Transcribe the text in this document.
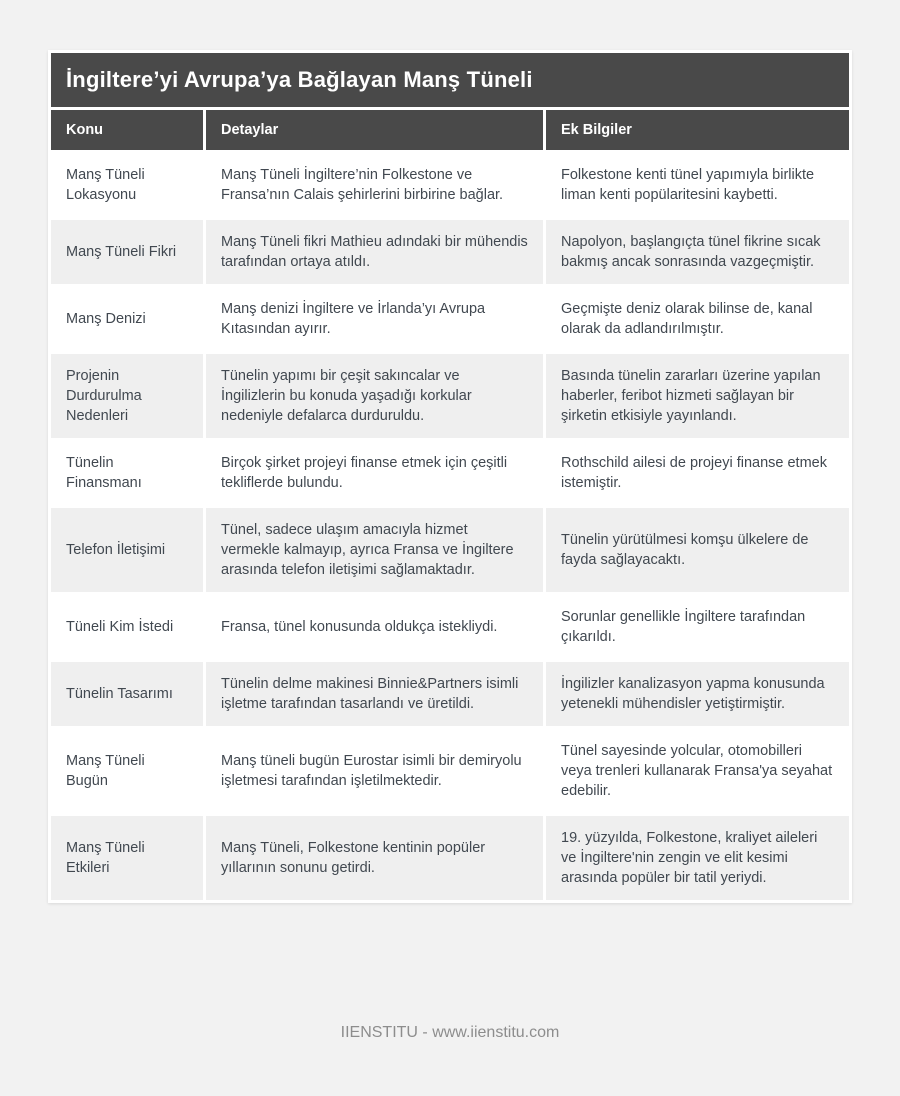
İngiltere’yi Avrupa’ya Bağlayan Manş Tüneli
Konu	Detaylar	Ek Bilgiler
Manş Tüneli Lokasyonu	Manş Tüneli İngiltere’nin Folkestone ve Fransa’nın Calais şehirlerini birbirine bağlar.	Folkestone kenti tünel yapımıyla birlikte liman kenti popülaritesini kaybetti.
Manş Tüneli Fikri	Manş Tüneli fikri Mathieu adındaki bir mühendis tarafından ortaya atıldı.	Napolyon, başlangıçta tünel fikrine sıcak bakmış ancak sonrasında vazgeçmiştir.
Manş Denizi	Manş denizi İngiltere ve İrlanda’yı Avrupa Kıtasından ayırır.	Geçmişte deniz olarak bilinse de, kanal olarak da adlandırılmıştır.
Projenin Durdurulma Nedenleri	Tünelin yapımı bir çeşit sakıncalar ve İngilizlerin bu konuda yaşadığı korkular nedeniyle defalarca durduruldu.	Basında tünelin zararları üzerine yapılan haberler, feribot hizmeti sağlayan bir şirketin etkisiyle yayınlandı.
Tünelin Finansmanı	Birçok şirket projeyi finanse etmek için çeşitli tekliflerde bulundu.	Rothschild ailesi de projeyi finanse etmek istemiştir.
Telefon İletişimi	Tünel, sadece ulaşım amacıyla hizmet vermekle kalmayıp, ayrıca Fransa ve İngiltere arasında telefon iletişimi sağlamaktadır.	Tünelin yürütülmesi komşu ülkelere de fayda sağlayacaktı.
Tüneli Kim İstedi	Fransa, tünel konusunda oldukça istekliydi.	Sorunlar genellikle İngiltere tarafından çıkarıldı.
Tünelin Tasarımı	Tünelin delme makinesi Binnie&Partners isimli işletme tarafından tasarlandı ve üretildi.	İngilizler kanalizasyon yapma konusunda yetenekli mühendisler yetiştirmiştir.
Manş Tüneli Bugün	Manş tüneli bugün Eurostar isimli bir demiryolu işletmesi tarafından işletilmektedir.	Tünel sayesinde yolcular, otomobilleri veya trenleri kullanarak Fransa'ya seyahat edebilir.
Manş Tüneli Etkileri	Manş Tüneli, Folkestone kentinin popüler yıllarının sonunu getirdi.	19. yüzyılda, Folkestone, kraliyet aileleri ve İngiltere'nin zengin ve elit kesimi arasında popüler bir tatil yeriydi.
IIENSTITU - www.iienstitu.com
